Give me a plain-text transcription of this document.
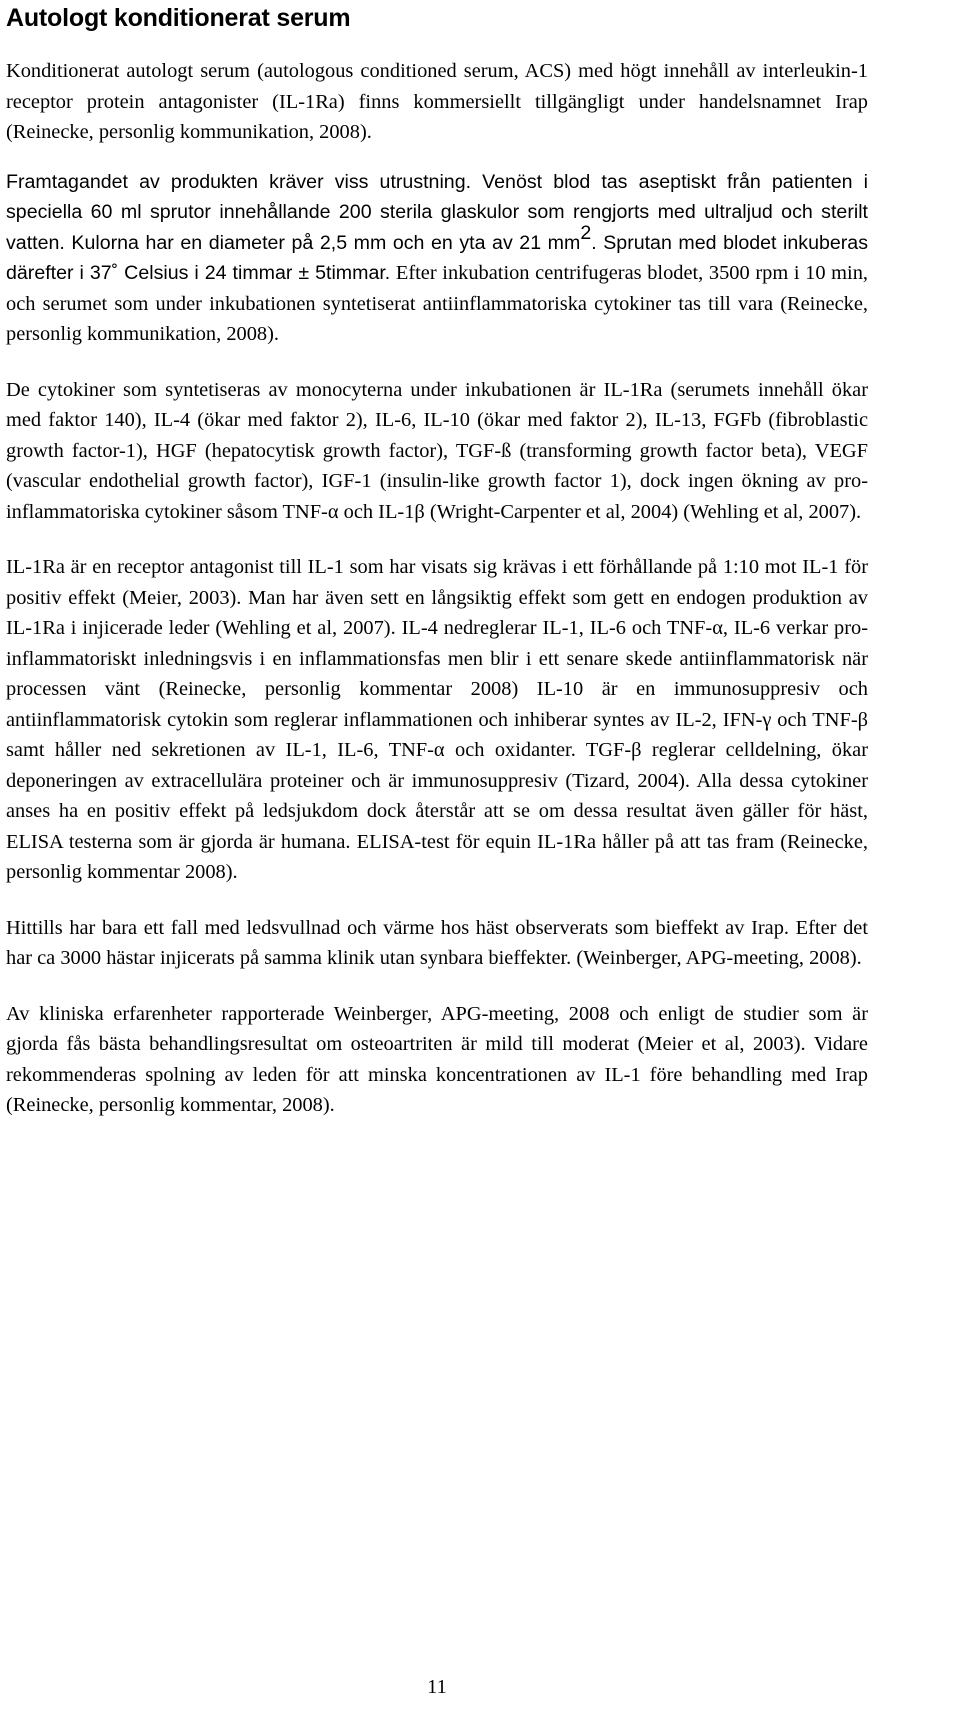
Autologt konditionerat serum

Konditionerat autologt serum (autologous conditioned serum, ACS) med högt innehåll av interleukin-1 receptor protein antagonister (IL-1Ra) finns kommersiellt tillgängligt under handelsnamnet Irap (Reinecke, personlig kommunikation, 2008).

Framtagandet av produkten kräver viss utrustning. Venöst blod tas aseptiskt från patienten i speciella 60 ml sprutor innehållande 200 sterila glaskulor som rengjorts med ultraljud och sterilt vatten. Kulorna har en diameter på 2,5 mm och en yta av 21 $mm^2$. Sprutan med blodet inkuberas därefter i 37˚ Celsius i 24 timmar ± 5timmar. Efter inkubation centrifugeras blodet, 3500 rpm i 10 min, och serumet som under inkubationen syntetiserat antiinflammatoriska cytokiner tas till vara (Reinecke, personlig kommunikation, 2008).

De cytokiner som syntetiseras av monocyterna under inkubationen är IL-1Ra (serumets innehåll ökar med faktor 140), IL-4 (ökar med faktor 2), IL-6, IL-10 (ökar med faktor 2), IL-13, FGFb (fibroblastic growth factor-1), HGF (hepatocytisk growth factor), TGF-ß (transforming growth factor beta), VEGF (vascular endothelial growth factor), IGF-1 (insulin-like growth factor 1), dock ingen ökning av pro-inflammatoriska cytokiner såsom TNF-α och IL-1β (Wright-Carpenter et al, 2004) (Wehling et al, 2007).

IL-1Ra är en receptor antagonist till IL-1 som har visats sig krävas i ett förhållande på 1:10 mot IL-1 för positiv effekt (Meier, 2003). Man har även sett en långsiktig effekt som gett en endogen produktion av IL-1Ra i injicerade leder (Wehling et al, 2007). IL-4 nedreglerar IL-1, IL-6 och TNF-α, IL-6 verkar pro-inflammatoriskt inledningsvis i en inflammationsfas men blir i ett senare skede antiinflammatorisk när processen vänt (Reinecke, personlig kommentar 2008) IL-10 är en immunosuppresiv och antiinflammatorisk cytokin som reglerar inflammationen och inhiberar syntes av IL-2, IFN-γ och TNF-β samt håller ned sekretionen av IL-1, IL-6, TNF-α och oxidanter. TGF-β reglerar celldelning, ökar deponeringen av extracellulära proteiner och är immunosuppresiv (Tizard, 2004). Alla dessa cytokiner anses ha en positiv effekt på ledsjukdom dock återstår att se om dessa resultat även gäller för häst, ELISA testerna som är gjorda är humana. ELISA-test för equin IL-1Ra håller på att tas fram (Reinecke, personlig kommentar 2008).

Hittills har bara ett fall med ledsvullnad och värme hos häst observerats som bieffekt av Irap. Efter det har ca 3000 hästar injicerats på samma klinik utan synbara bieffekter. (Weinberger, APG-meeting, 2008).

Av kliniska erfarenheter rapporterade Weinberger, APG-meeting, 2008 och enligt de studier som är gjorda fås bästa behandlingsresultat om osteoartriten är mild till moderat (Meier et al, 2003). Vidare rekommenderas spolning av leden för att minska koncentrationen av IL-1 före behandling med Irap (Reinecke, personlig kommentar, 2008).

11
